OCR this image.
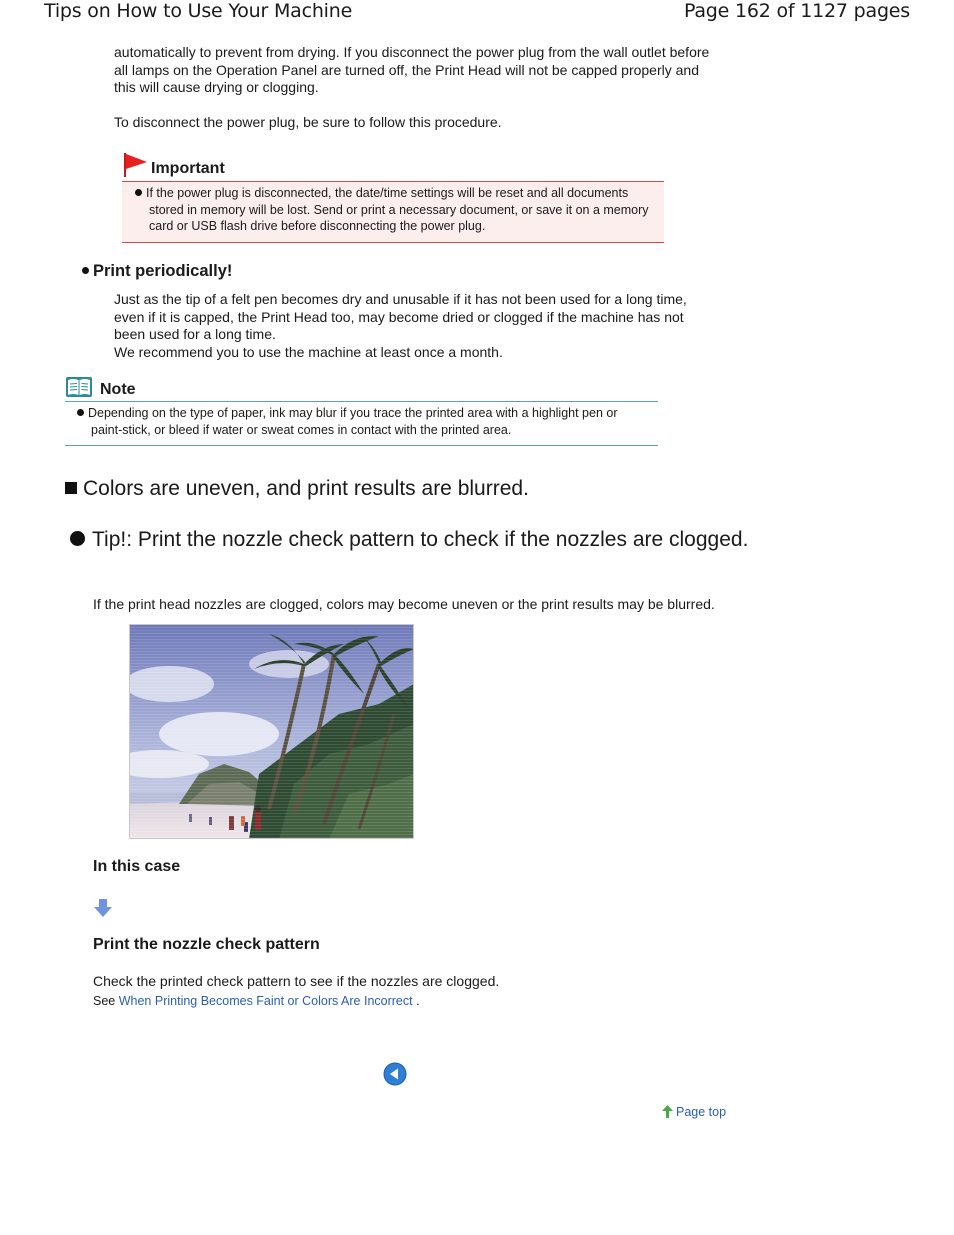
Tips on How to Use Your Machine	Page 162 of 1127 pages
automatically to prevent from drying. If you disconnect the power plug from the wall outlet before
all lamps on the Operation Panel are turned off, the Print Head will not be capped properly and
this will cause drying or clogging.
To disconnect the power plug, be sure to follow this procedure.
Important
If the power plug is disconnected, the date/time settings will be reset and all documents stored in memory will be lost. Send or print a necessary document, or save it on a memory card or USB flash drive before disconnecting the power plug.
Print periodically!
Just as the tip of a felt pen becomes dry and unusable if it has not been used for a long time,
even if it is capped, the Print Head too, may become dried or clogged if the machine has not
been used for a long time.
We recommend you to use the machine at least once a month.
Note
Depending on the type of paper, ink may blur if you trace the printed area with a highlight pen or paint-stick, or bleed if water or sweat comes in contact with the printed area.
Colors are uneven, and print results are blurred.
Tip!: Print the nozzle check pattern to check if the nozzles are clogged.
If the print head nozzles are clogged, colors may become uneven or the print results may be blurred.
In this case
Print the nozzle check pattern
Check the printed check pattern to see if the nozzles are clogged.
See When Printing Becomes Faint or Colors Are Incorrect .
Page top
